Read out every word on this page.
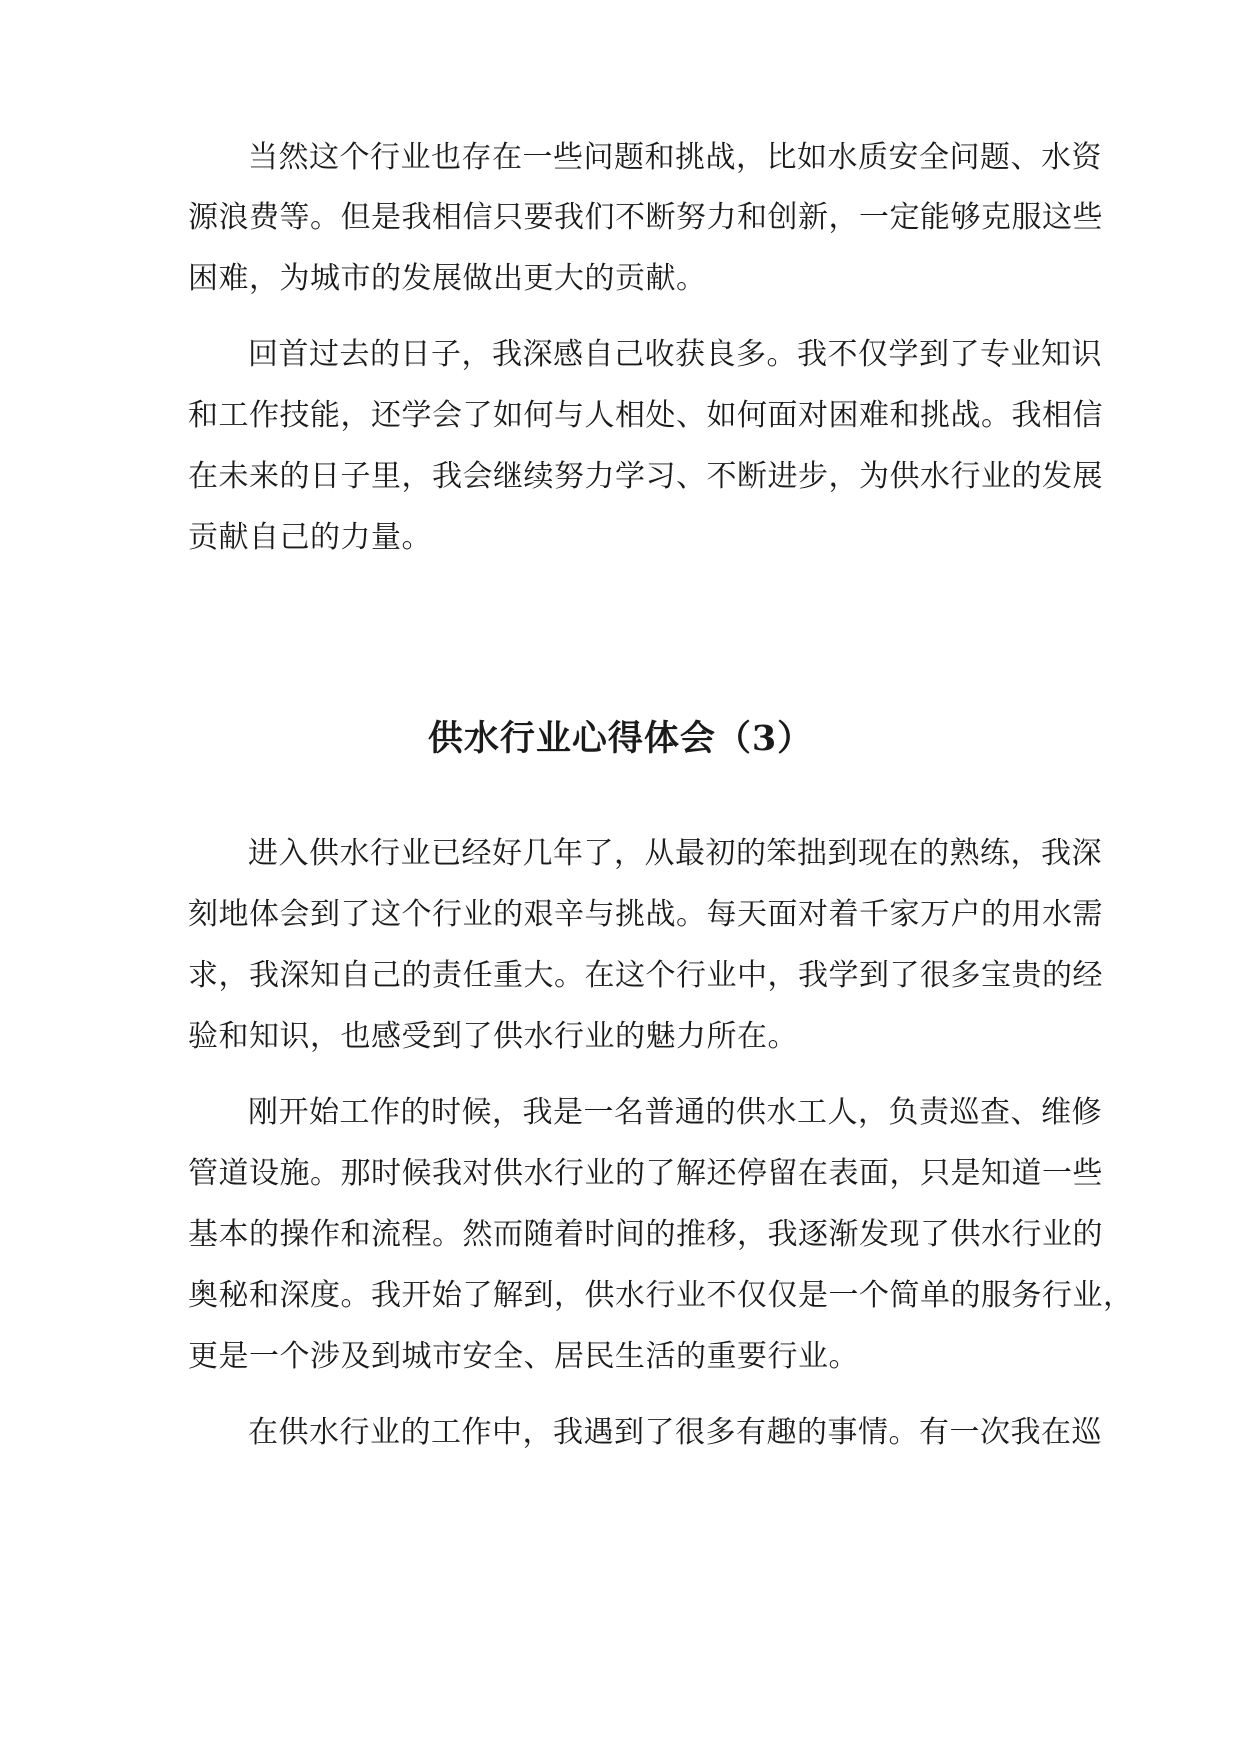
当然这个行业也存在一些问题和挑战，比如水质安全问题、水资
源浪费等。但是我相信只要我们不断努力和创新，一定能够克服这些
困难，为城市的发展做出更大的贡献。
回首过去的日子，我深感自己收获良多。我不仅学到了专业知识
和工作技能，还学会了如何与人相处、如何面对困难和挑战。我相信
在未来的日子里，我会继续努力学习、不断进步，为供水行业的发展
贡献自己的力量。
供水行业心得体会（3）
进入供水行业已经好几年了，从最初的笨拙到现在的熟练，我深
刻地体会到了这个行业的艰辛与挑战。每天面对着千家万户的用水需
求，我深知自己的责任重大。在这个行业中，我学到了很多宝贵的经
验和知识，也感受到了供水行业的魅力所在。
刚开始工作的时候，我是一名普通的供水工人，负责巡查、维修
管道设施。那时候我对供水行业的了解还停留在表面，只是知道一些
基本的操作和流程。然而随着时间的推移，我逐渐发现了供水行业的
奥秘和深度。我开始了解到，供水行业不仅仅是一个简单的服务行业，
更是一个涉及到城市安全、居民生活的重要行业。
在供水行业的工作中，我遇到了很多有趣的事情。有一次我在巡
